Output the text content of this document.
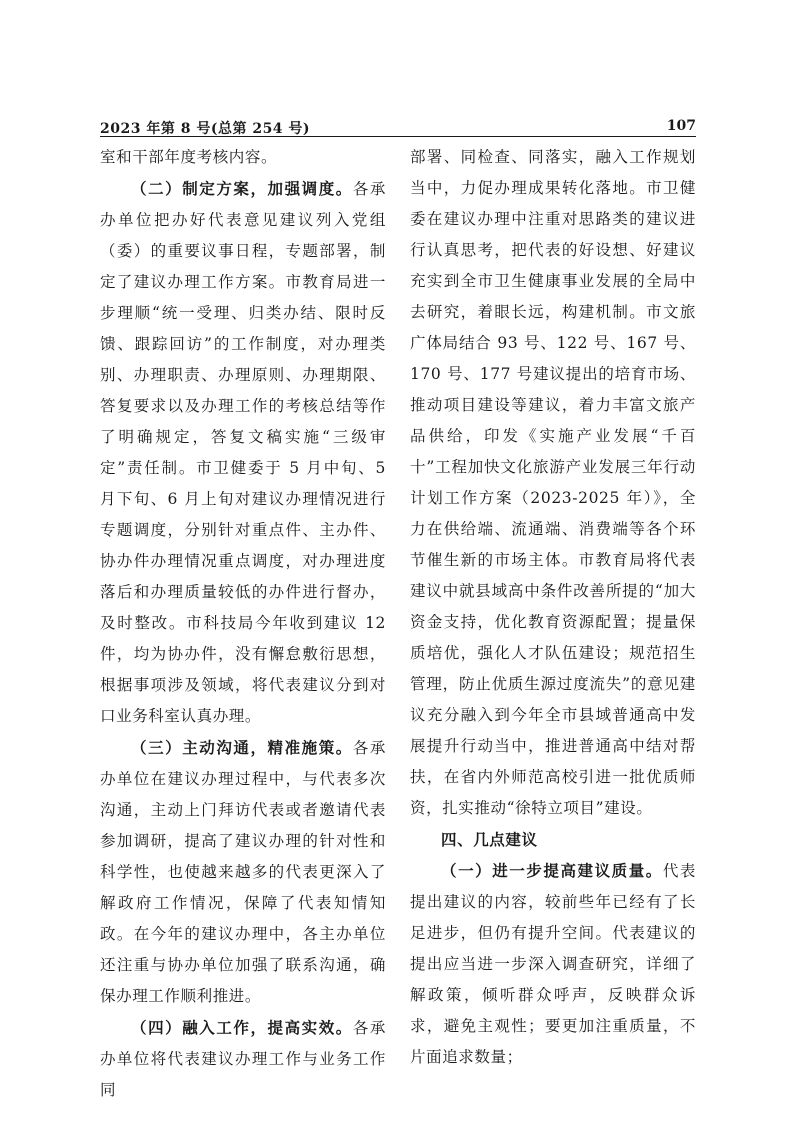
2023 年第 8 号(总第 254 号)	107

室和干部年度考核内容。

（二）制定方案，加强调度。各承办单位把办好代表意见建议列入党组（委）的重要议事日程，专题部署，制定了建议办理工作方案。市教育局进一步理顺“统一受理、归类办结、限时反馈、跟踪回访”的工作制度，对办理类别、办理职责、办理原则、办理期限、答复要求以及办理工作的考核总结等作了明确规定，答复文稿实施“三级审定”责任制。市卫健委于 5 月中旬、5 月下旬、6 月上旬对建议办理情况进行专题调度，分别针对重点件、主办件、协办件办理情况重点调度，对办理进度落后和办理质量较低的办件进行督办，及时整改。市科技局今年收到建议 12 件，均为协办件，没有懈怠敷衍思想，根据事项涉及领域，将代表建议分到对口业务科室认真办理。

（三）主动沟通，精准施策。各承办单位在建议办理过程中，与代表多次沟通，主动上门拜访代表或者邀请代表参加调研，提高了建议办理的针对性和科学性，也使越来越多的代表更深入了解政府工作情况，保障了代表知情知政。在今年的建议办理中，各主办单位还注重与协办单位加强了联系沟通，确保办理工作顺利推进。

（四）融入工作，提高实效。各承办单位将代表建议办理工作与业务工作同

部署、同检查、同落实，融入工作规划当中，力促办理成果转化落地。市卫健委在建议办理中注重对思路类的建议进行认真思考，把代表的好设想、好建议充实到全市卫生健康事业发展的全局中去研究，着眼长远，构建机制。市文旅广体局结合 93 号、122 号、167 号、170 号、177 号建议提出的培育市场、推动项目建设等建议，着力丰富文旅产品供给，印发《实施产业发展“千百十”工程加快文化旅游产业发展三年行动计划工作方案（2023-2025 年）》，全力在供给端、流通端、消费端等各个环节催生新的市场主体。市教育局将代表建议中就县域高中条件改善所提的“加大资金支持，优化教育资源配置；提量保质培优，强化人才队伍建设；规范招生管理，防止优质生源过度流失”的意见建议充分融入到今年全市县域普通高中发展提升行动当中，推进普通高中结对帮扶，在省内外师范高校引进一批优质师资，扎实推动“徐特立项目”建设。

四、几点建议

（一）进一步提高建议质量。代表提出建议的内容，较前些年已经有了长足进步，但仍有提升空间。代表建议的提出应当进一步深入调查研究，详细了解政策，倾听群众呼声，反映群众诉求，避免主观性；要更加注重质量，不片面追求数量；
